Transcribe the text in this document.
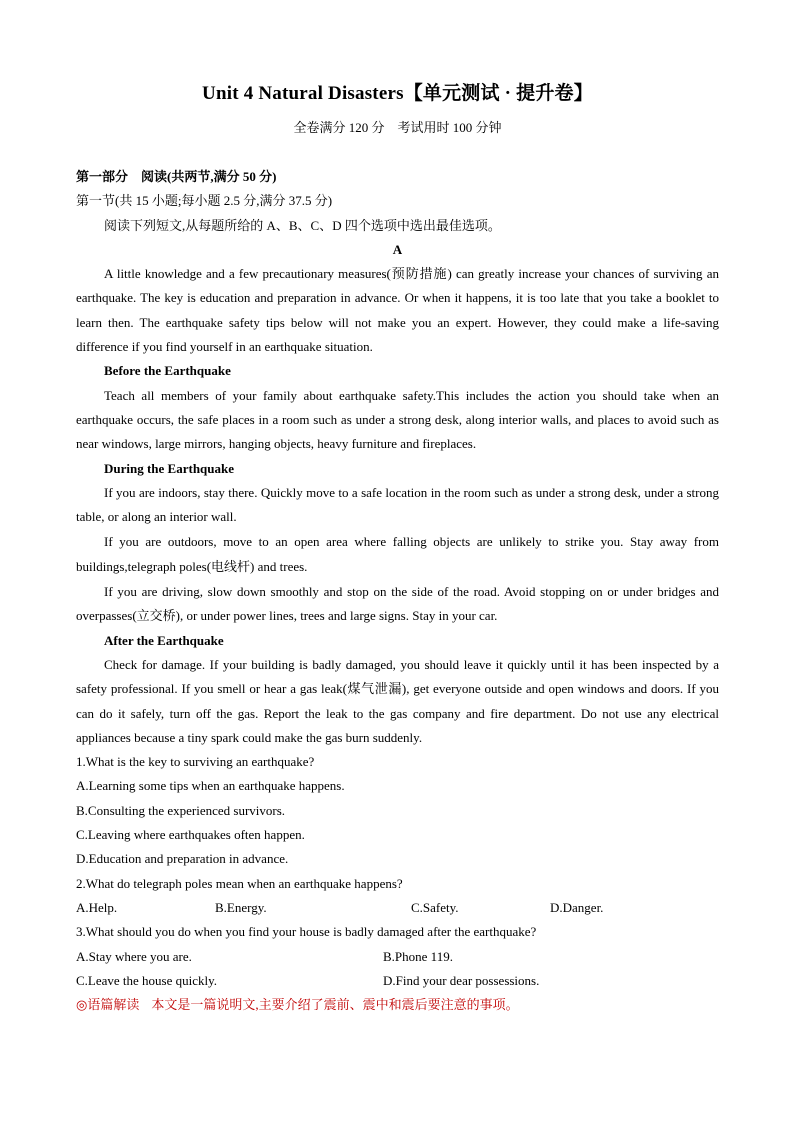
Unit 4 Natural Disasters【单元测试 · 提升卷】
全卷满分 120 分　考试用时 100 分钟
第一部分　阅读(共两节,满分 50 分)
第一节(共 15 小题;每小题 2.5 分,满分 37.5 分)
阅读下列短文,从每题所给的 A、B、C、D 四个选项中选出最佳选项。
A
A little knowledge and a few precautionary measures(预防措施) can greatly increase your chances of surviving an earthquake. The key is education and preparation in advance. Or when it happens, it is too late that you take a booklet to learn then. The earthquake safety tips below will not make you an expert. However, they could make a life-saving difference if you find yourself in an earthquake situation.
Before the Earthquake
Teach all members of your family about earthquake safety.This includes the action you should take when an earthquake occurs, the safe places in a room such as under a strong desk, along interior walls, and places to avoid such as near windows, large mirrors, hanging objects, heavy furniture and fireplaces.
During the Earthquake
If you are indoors, stay there. Quickly move to a safe location in the room such as under a strong desk, under a strong table, or along an interior wall.
If you are outdoors, move to an open area where falling objects are unlikely to strike you. Stay away from buildings,telegraph poles(电线杆) and trees.
If you are driving, slow down smoothly and stop on the side of the road. Avoid stopping on or under bridges and overpasses(立交桥), or under power lines, trees and large signs. Stay in your car.
After the Earthquake
Check for damage. If your building is badly damaged, you should leave it quickly until it has been inspected by a safety professional. If you smell or hear a gas leak(煤气泄漏), get everyone outside and open windows and doors. If you can do it safely, turn off the gas. Report the leak to the gas company and fire department. Do not use any electrical appliances because a tiny spark could make the gas burn suddenly.
1.What is the key to surviving an earthquake?
A.Learning some tips when an earthquake happens.
B.Consulting the experienced survivors.
C.Leaving where earthquakes often happen.
D.Education and preparation in advance.
2.What do telegraph poles mean when an earthquake happens?
A.Help.	B.Energy.	C.Safety.	D.Danger.
3.What should you do when you find your house is badly damaged after the earthquake?
A.Stay where you are.	B.Phone 119.
C.Leave the house quickly.	D.Find your dear possessions.
◎语篇解读 本文是一篇说明文,主要介绍了震前、震中和震后要注意的事项。
